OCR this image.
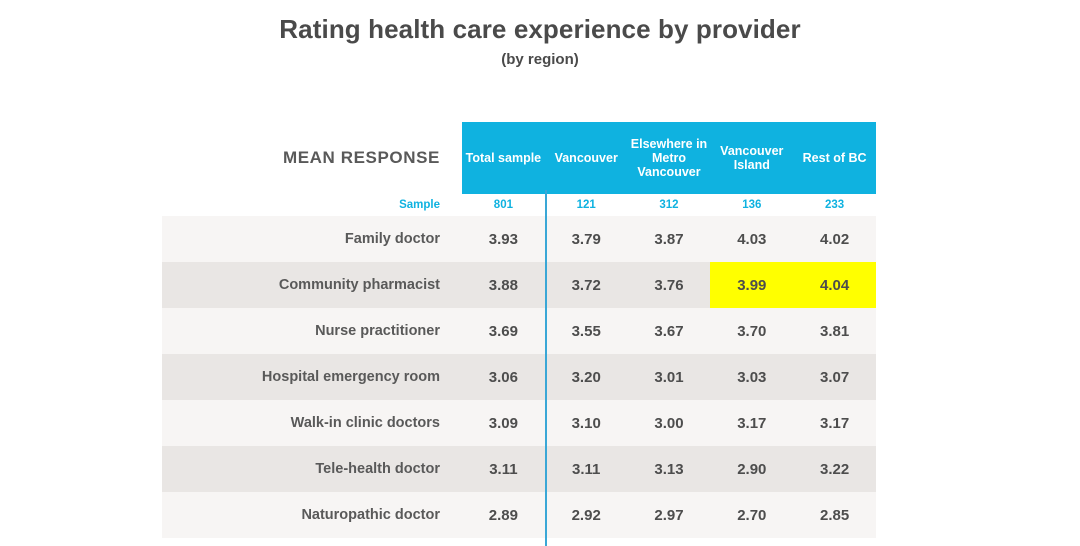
Rating health care experience by provider

(by region)

MEAN RESPONSE	Total sample	Vancouver	Elsewhere in Metro Vancouver	Vancouver Island	Rest of BC
Sample	801	121	312	136	233
Family doctor	3.93	3.79	3.87	4.03	4.02
Community pharmacist	3.88	3.72	3.76	3.99	4.04
Nurse practitioner	3.69	3.55	3.67	3.70	3.81
Hospital emergency room	3.06	3.20	3.01	3.03	3.07
Walk-in clinic doctors	3.09	3.10	3.00	3.17	3.17
Tele-health doctor	3.11	3.11	3.13	2.90	3.22
Naturopathic doctor	2.89	2.92	2.97	2.70	2.85
